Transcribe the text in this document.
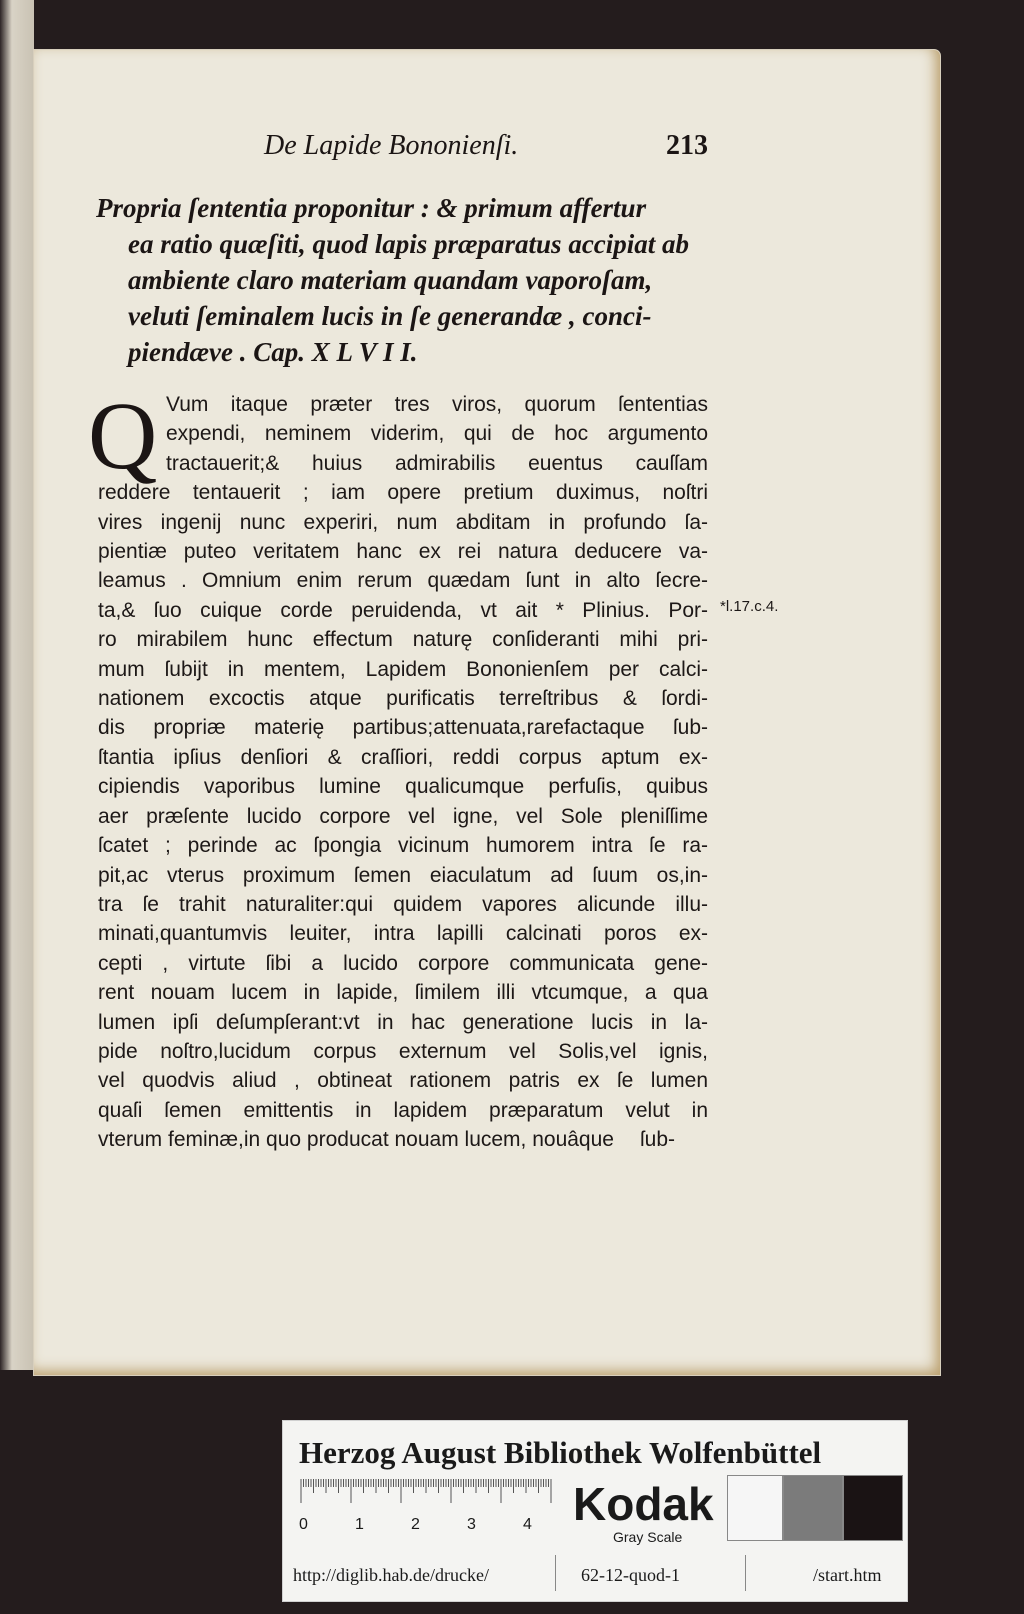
De Lapide Bononienſi.	213
Propria ſententia proponitur : & primum affertur
ea ratio quæſiti, quod lapis præparatus accipiat ab
ambiente claro materiam quandam vaporoſam,
veluti ſeminalem lucis in ſe generandæ , conci-
piendæve . Cap. X L V I I.
Q Vum itaque præter tres viros, quorum ſententias
expendi, neminem viderim, qui de hoc argumento
tractauerit;& huius admirabilis euentus cauſſam
reddere tentauerit ; iam opere pretium duximus, noſtri
vires ingenij nunc experiri, num abditam in profundo ſa-
pientiæ puteo veritatem hanc ex rei natura deducere va-
leamus . Omnium enim rerum quædam ſunt in alto ſecre-
ta,& ſuo cuique corde peruidenda, vt ait * Plinius. Por-
ro mirabilem hunc effectum naturę conſideranti mihi pri-
mum ſubijt in mentem, Lapidem Bononienſem per calci-
nationem excoctis atque purificatis terreſtribus & ſordi-
dis propriæ materię partibus;attenuata,rarefactaque ſub-
ſtantia ipſius denſiori & craſſiori, reddi corpus aptum ex-
cipiendis vaporibus lumine qualicumque perfuſis, quibus
aer præſente lucido corpore vel igne, vel Sole pleniſſime
ſcatet ; perinde ac ſpongia vicinum humorem intra ſe ra-
pit,ac vterus proximum ſemen eiaculatum ad ſuum os,in-
tra ſe trahit naturaliter:qui quidem vapores alicunde illu-
minati,quantumvis leuiter, intra lapilli calcinati poros ex-
cepti , virtute ſibi a lucido corpore communicata gene-
rent nouam lucem in lapide, ſimilem illi vtcumque, a qua
lumen ipſi deſumpſerant:vt in hac generatione lucis in la-
pide noſtro,lucidum corpus externum vel Solis,vel ignis,
vel quodvis aliud , obtineat rationem patris ex ſe lumen
quaſi ſemen emittentis in lapidem præparatum velut in
vterum feminæ,in quo producat nouam lucem, nouâque
*l.17.c.4.
ſub-
Herzog August Bibliothek Wolfenbüttel
0	1	2	3	4 Kodak
Gray Scale
http://diglib.hab.de/drucke/	62-12-quod-1	/start.htm
